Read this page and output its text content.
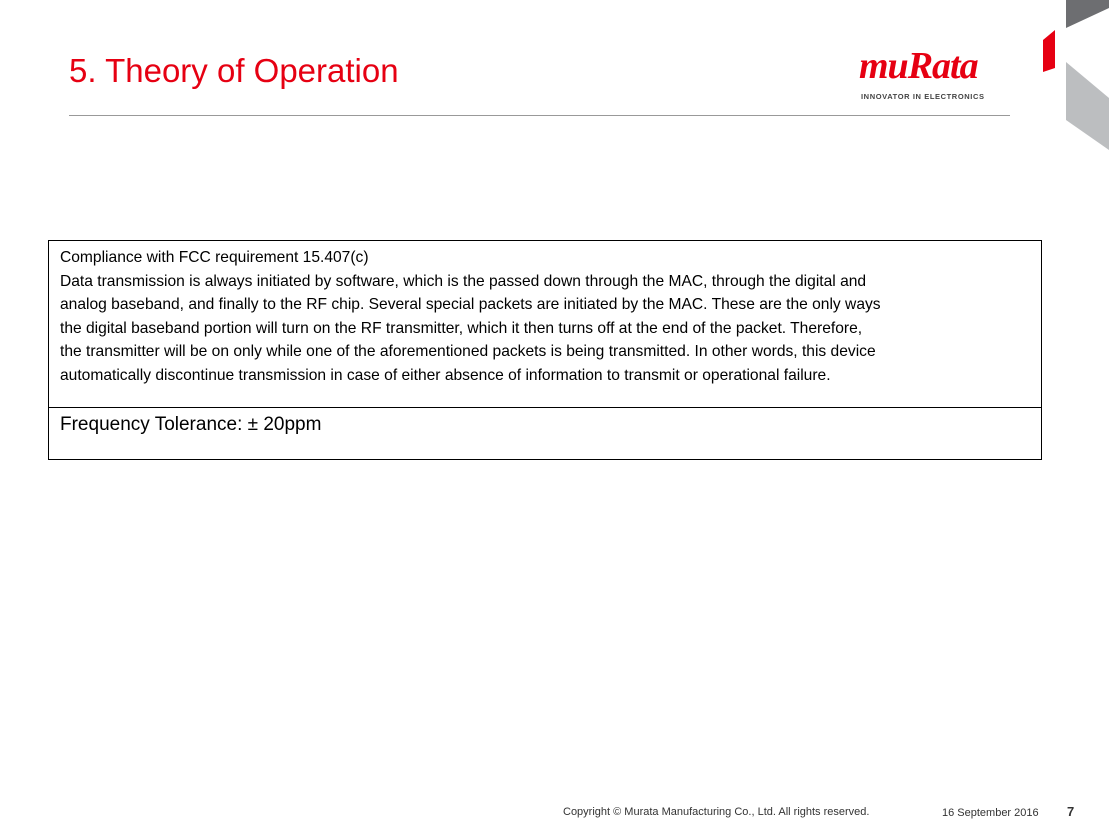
5. Theory of Operation	muRata
INNOVATOR IN ELECTRONICS
Compliance with FCC requirement 15.407(c)
Data transmission is always initiated by software, which is the passed down through the MAC, through the digital and
analog baseband, and finally to the RF chip. Several special packets are initiated by the MAC. These are the only ways
the digital baseband portion will turn on the RF transmitter, which it then turns off at the end of the packet. Therefore,
the transmitter will be on only while one of the aforementioned packets is being transmitted. In other words, this device
automatically discontinue transmission in case of either absence of information to transmit or operational failure.
Frequency Tolerance: ± 20ppm
Copyright © Murata Manufacturing Co., Ltd. All rights reserved.	16 September 2016 7
